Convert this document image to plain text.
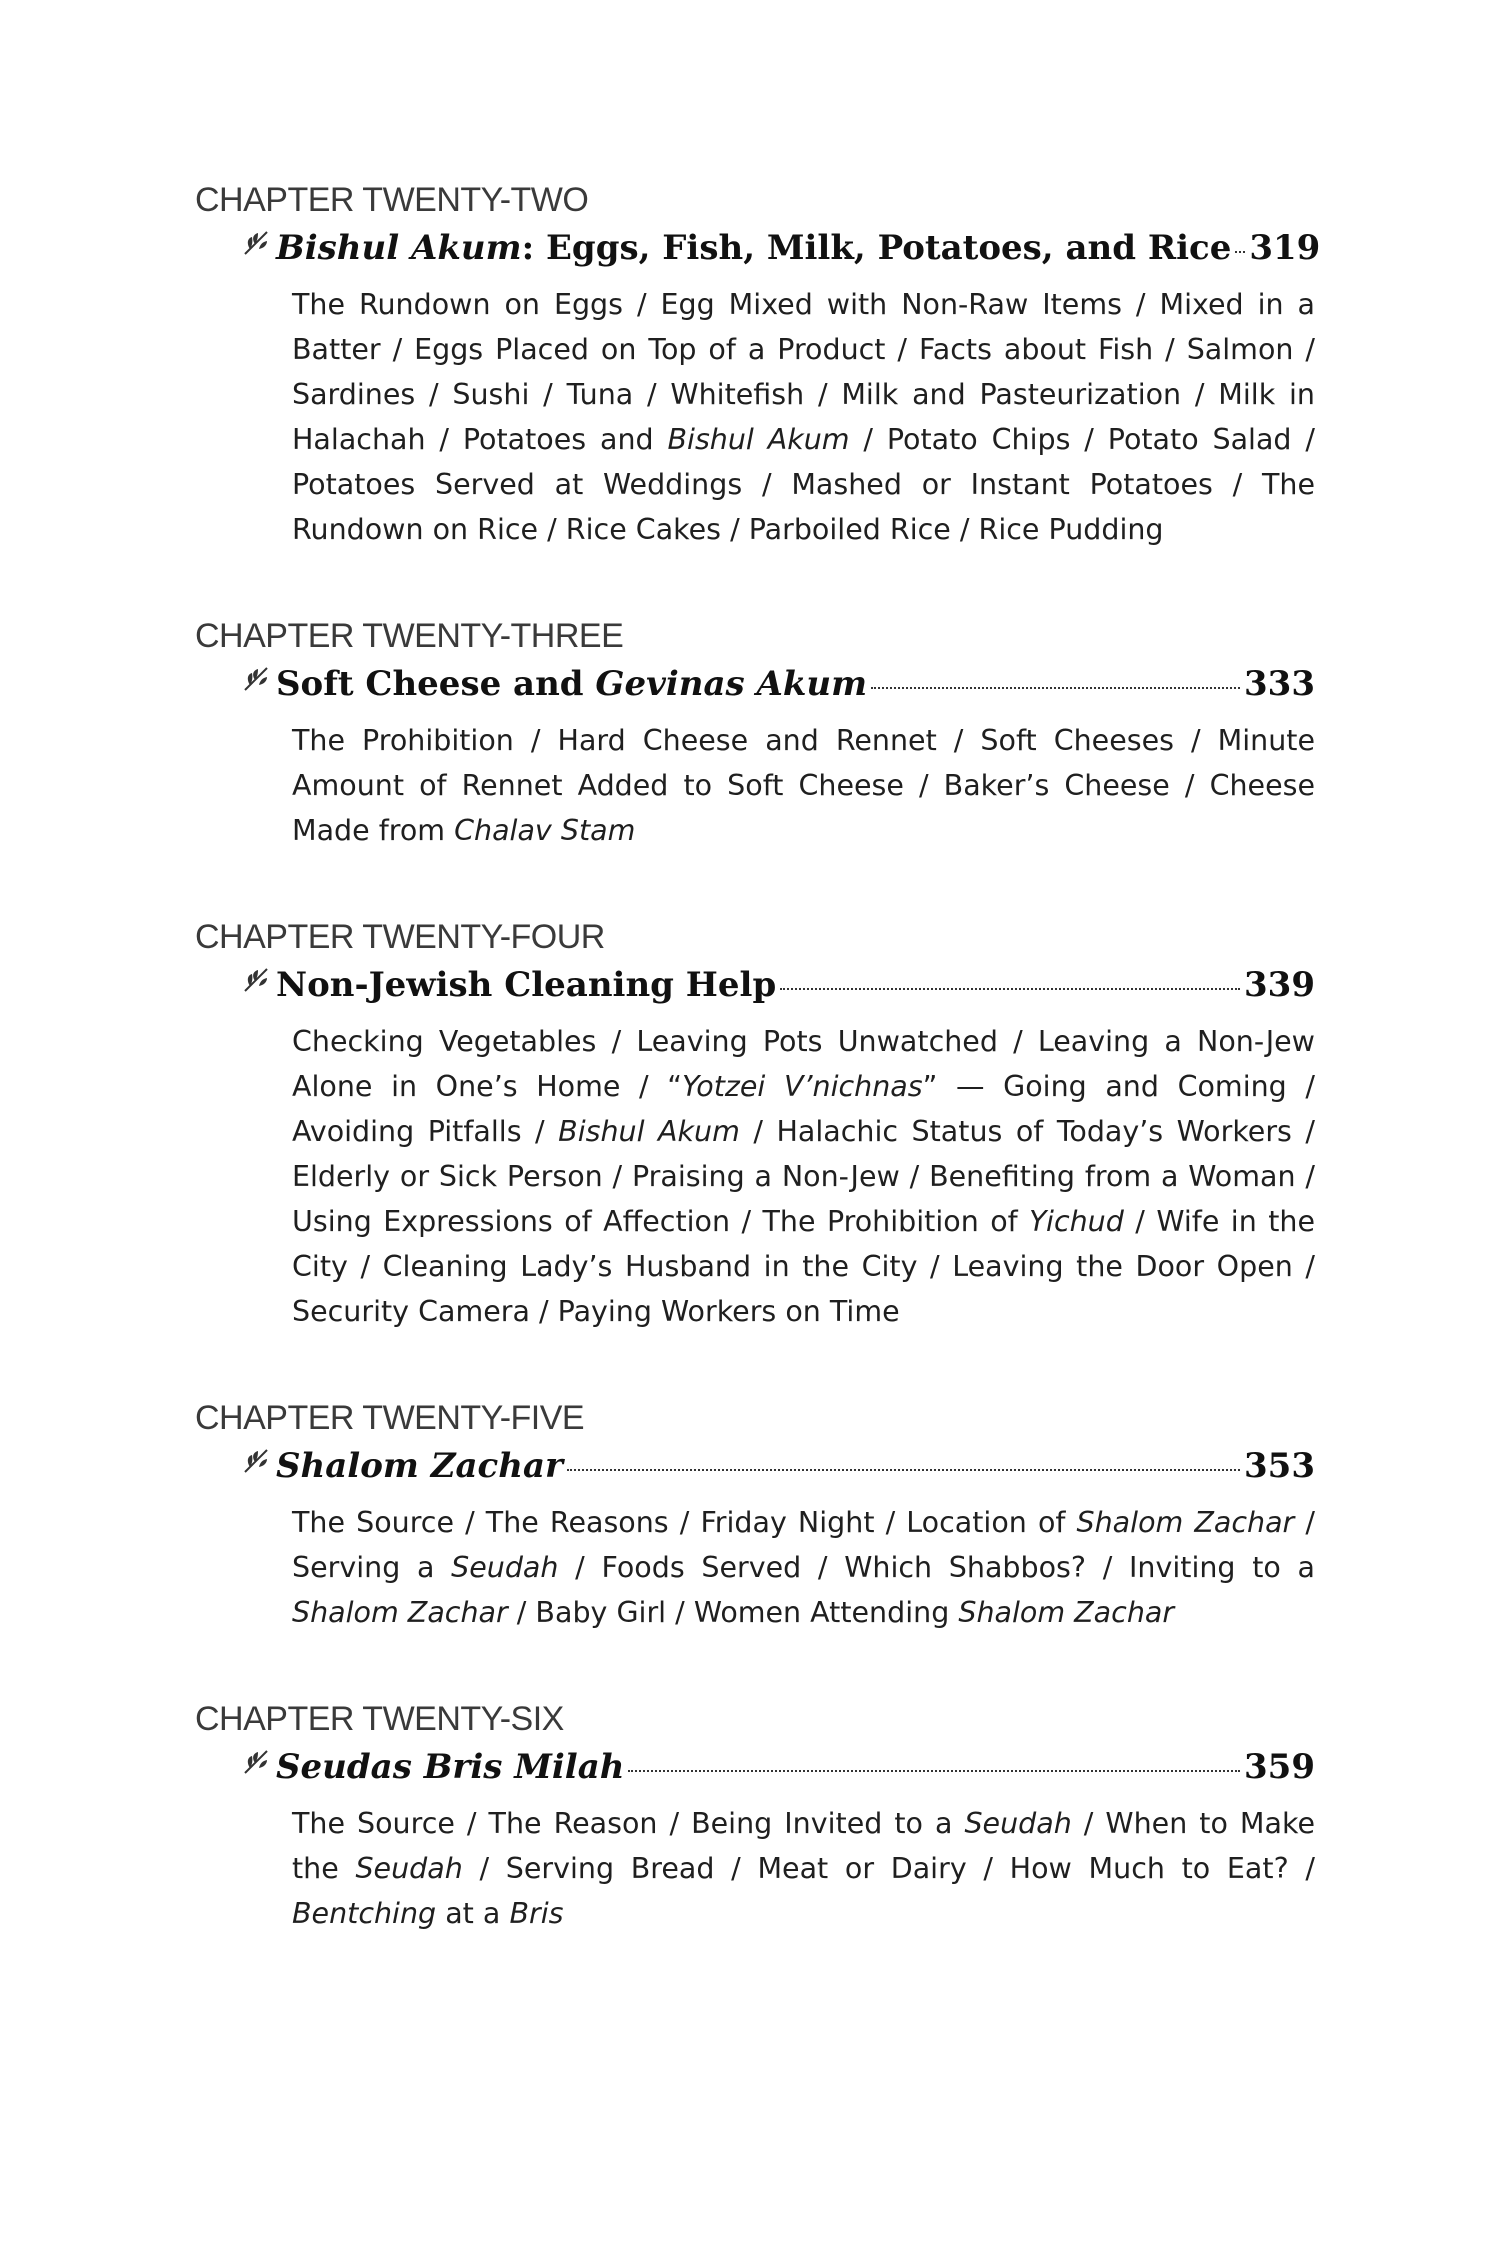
CHAPTER TWENTY-TWO
Bishul Akum: Eggs, Fish, Milk, Potatoes, and Rice 319

The Rundown on Eggs / Egg Mixed with Non-Raw Items / Mixed in a Batter / Eggs Placed on Top of a Product / Facts about Fish / Salmon / Sardines / Sushi / Tuna / Whitefish / Milk and Pasteurization / Milk in Halachah / Potatoes and Bishul Akum / Potato Chips / Potato Salad / Potatoes Served at Weddings / Mashed or Instant Potatoes / The Rundown on Rice / Rice Cakes / Parboiled Rice / Rice Pudding

CHAPTER TWENTY-THREE
Soft Cheese and Gevinas Akum	333

The Prohibition / Hard Cheese and Rennet / Soft Cheeses / Minute Amount of Rennet Added to Soft Cheese / Baker’s Cheese / Cheese Made from Chalav Stam

CHAPTER TWENTY-FOUR
Non-Jewish Cleaning Help	339

Checking Vegetables / Leaving Pots Unwatched / Leaving a Non-Jew Alone in One’s Home / “Yotzei V’nichnas” — Going and Coming / Avoiding Pitfalls / Bishul Akum / Halachic Status of Today’s Workers / Elderly or Sick Person / Praising a Non-Jew / Benefiting from a Woman / Using Expressions of Affection / The Prohibition of Yichud / Wife in the City / Cleaning Lady’s Husband in the City / Leaving the Door Open / Security Camera / Paying Workers on Time

CHAPTER TWENTY-FIVE
Shalom Zachar	353

The Source / The Reasons / Friday Night / Location of Shalom Zachar / Serving a Seudah / Foods Served / Which Shabbos? / Inviting to a Shalom Zachar / Baby Girl / Women Attending Shalom Zachar

CHAPTER TWENTY-SIX
Seudas Bris Milah	359

The Source / The Reason / Being Invited to a Seudah / When to Make the Seudah / Serving Bread / Meat or Dairy / How Much to Eat? / Bentching at a Bris
